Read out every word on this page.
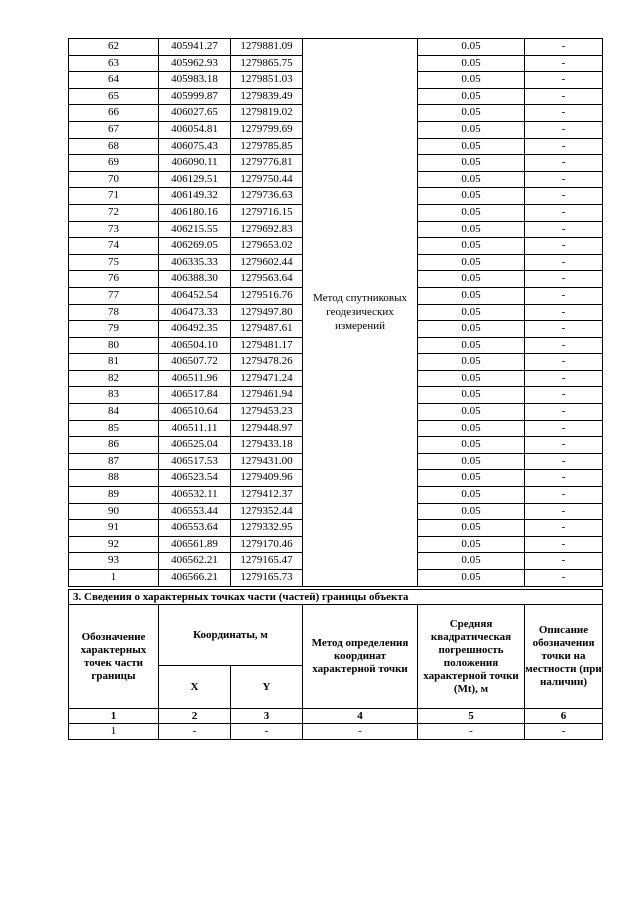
62	405941.27	1279881.09	Метод спутниковых геодезических измерений	0.05	-
63	405962.93	1279865.75		0.05	-
64	405983.18	1279851.03		0.05	-
65	405999.87	1279839.49		0.05	-
66	406027.65	1279819.02		0.05	-
67	406054.81	1279799.69		0.05	-
68	406075.43	1279785.85		0.05	-
69	406090.11	1279776.81		0.05	-
70	406129.51	1279750.44		0.05	-
71	406149.32	1279736.63		0.05	-
72	406180.16	1279716.15		0.05	-
73	406215.55	1279692.83		0.05	-
74	406269.05	1279653.02		0.05	-
75	406335.33	1279602.44		0.05	-
76	406388.30	1279563.64		0.05	-
77	406452.54	1279516.76		0.05	-
78	406473.33	1279497.80		0.05	-
79	406492.35	1279487.61		0.05	-
80	406504.10	1279481.17		0.05	-
81	406507.72	1279478.26		0.05	-
82	406511.96	1279471.24		0.05	-
83	406517.84	1279461.94		0.05	-
84	406510.64	1279453.23		0.05	-
85	406511.11	1279448.97		0.05	-
86	406525.04	1279433.18		0.05	-
87	406517.53	1279431.00		0.05	-
88	406523.54	1279409.96		0.05	-
89	406532.11	1279412.37		0.05	-
90	406553.44	1279352.44		0.05	-
91	406553.64	1279332.95		0.05	-
92	406561.89	1279170.46		0.05	-
93	406562.21	1279165.47		0.05	-
1	406566.21	1279165.73		0.05	-
3. Сведения о характерных точках части (частей) границы объекта					
Обозначение характерных точек части границы	Координаты, м		Метод определения координат характерной точки	Средняя квадратическая погрешность положения характерной точки (Mt), м	Описание обозначения точки на местности (при наличии)
	X	Y			
1	2	3	4	5	6
1	-	-	-	-	-
